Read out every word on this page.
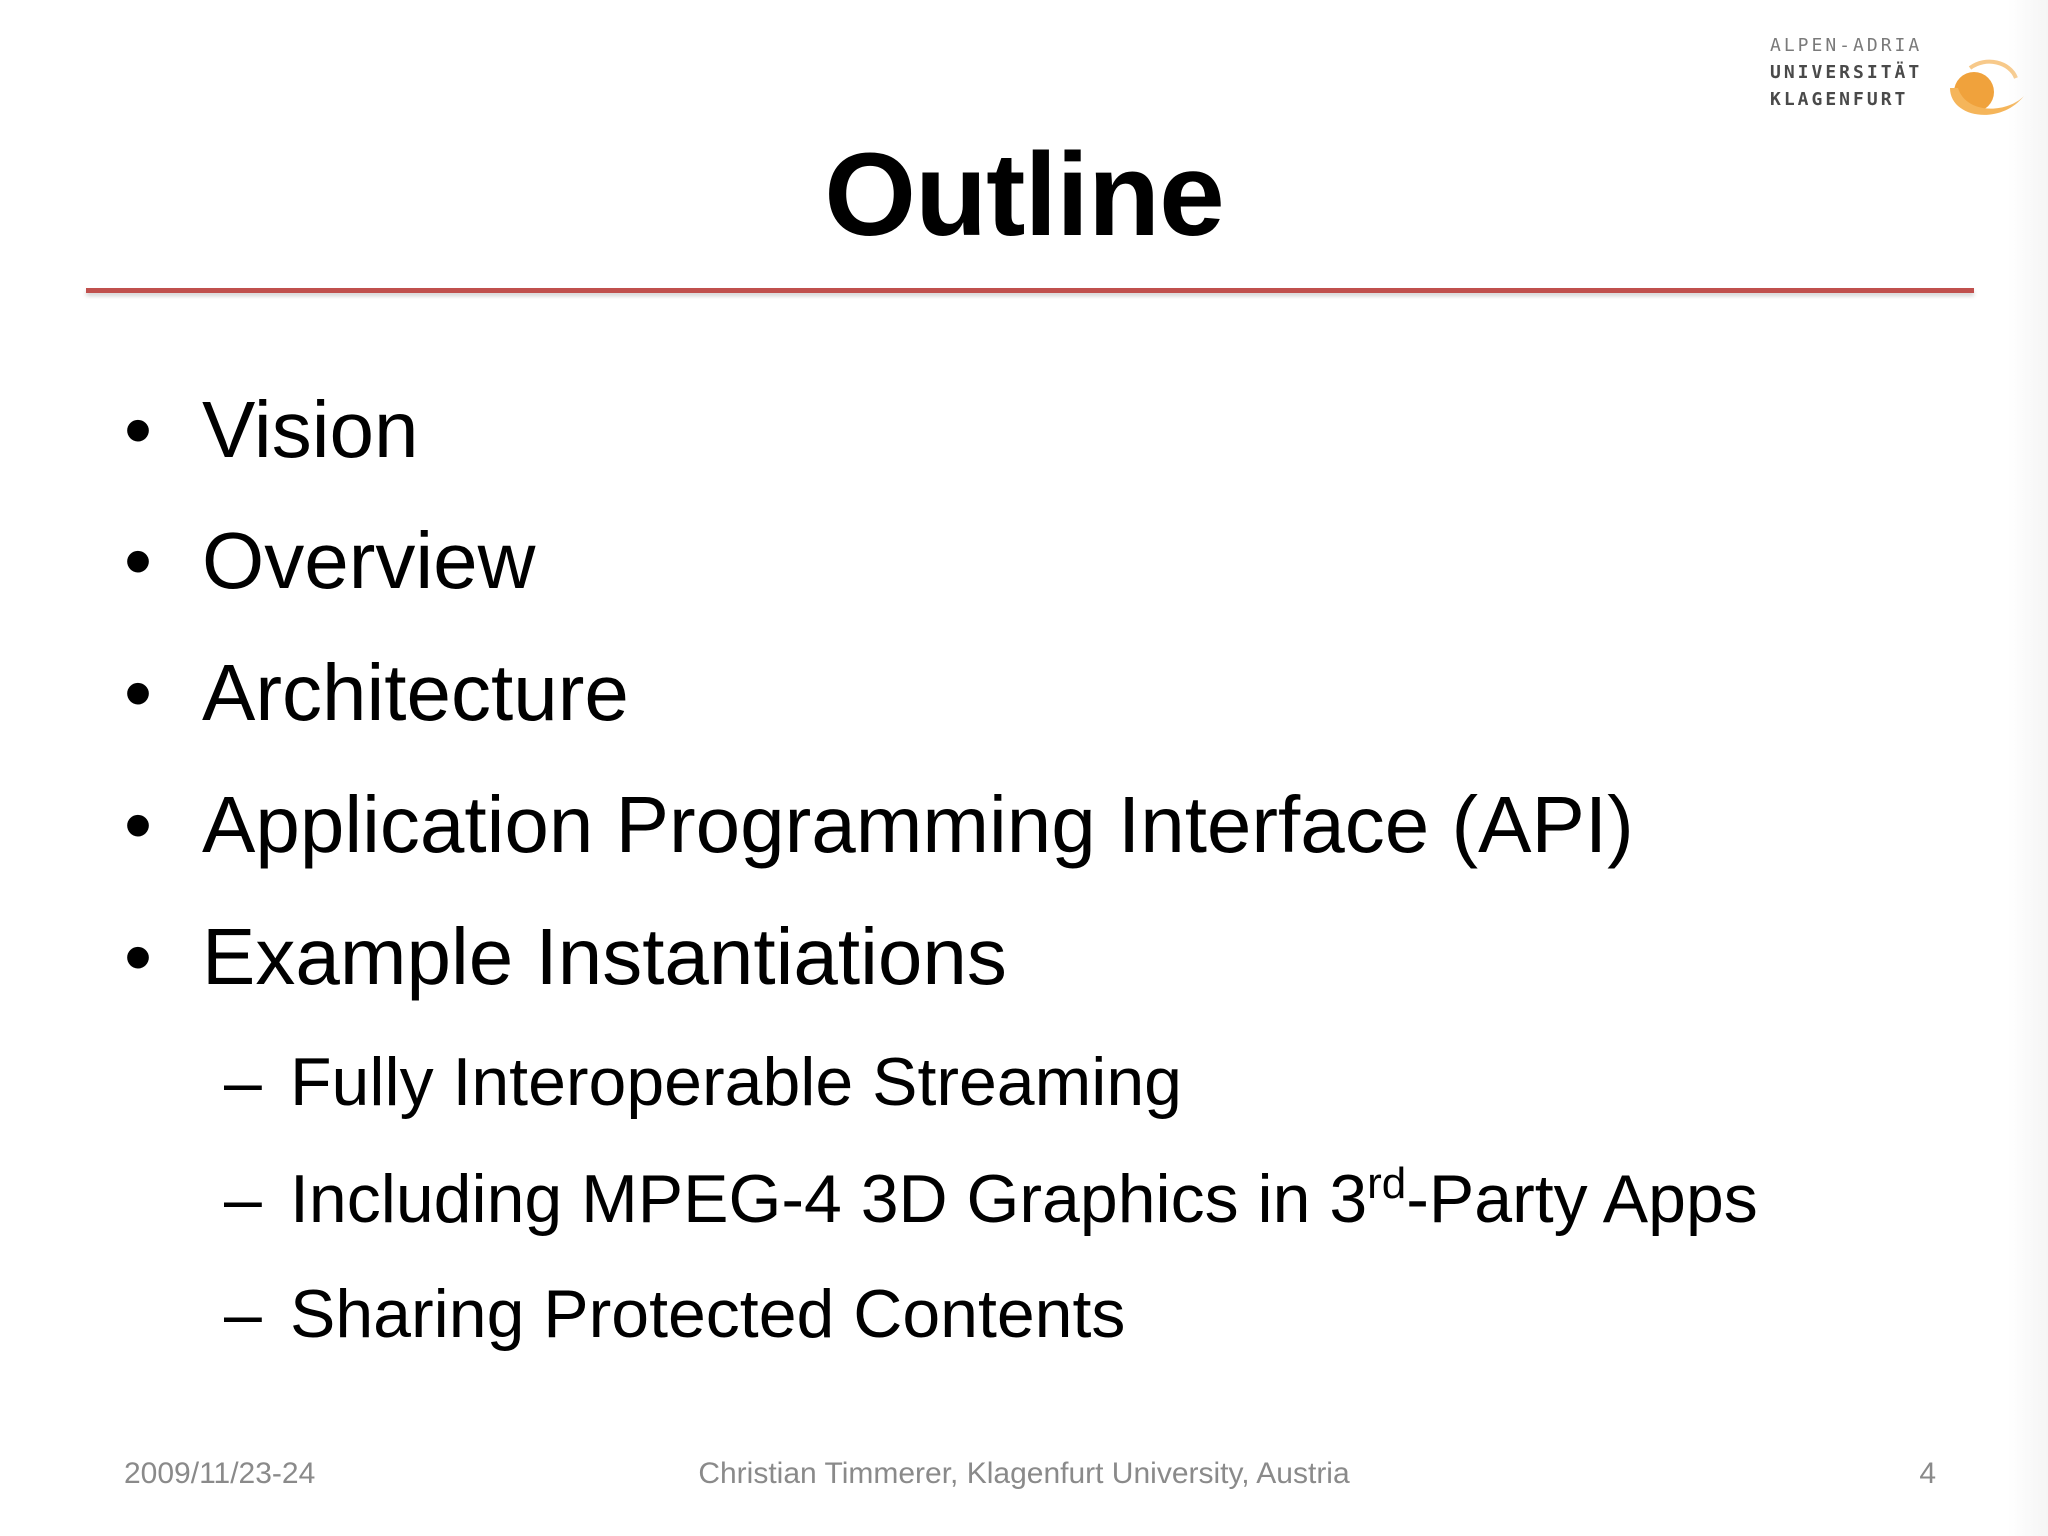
ALPEN-ADRIA
UNIVERSITÄT
KLAGENFURT
Outline
• Vision
• Overview
• Architecture
• Application Programming Interface (API)
• Example Instantiations
– Fully Interoperable Streaming
– Including MPEG-4 3D Graphics in 3rd-Party Apps
– Sharing Protected Contents
2009/11/23-24	Christian Timmerer, Klagenfurt University, Austria	4
